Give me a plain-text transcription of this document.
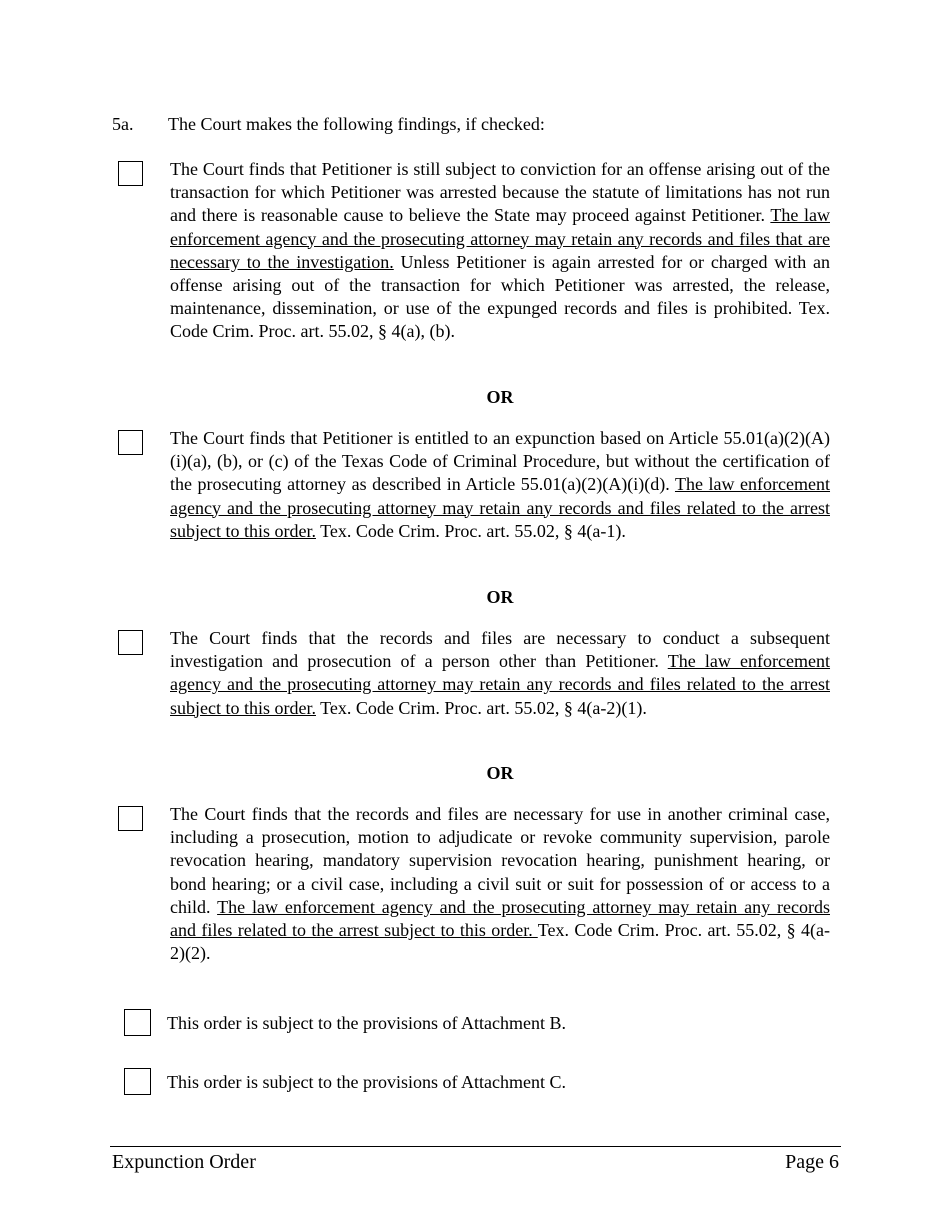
5a. The Court makes the following findings, if checked:
The Court finds that Petitioner is still subject to conviction for an offense arising out of the transaction for which Petitioner was arrested because the statute of limitations has not run and there is reasonable cause to believe the State may proceed against Petitioner. The law enforcement agency and the prosecuting attorney may retain any records and files that are necessary to the investigation. Unless Petitioner is again arrested for or charged with an offense arising out of the transaction for which Petitioner was arrested, the release, maintenance, dissemination, or use of the expunged records and files is prohibited. Tex. Code Crim. Proc. art. 55.02, § 4(a), (b).
OR
The Court finds that Petitioner is entitled to an expunction based on Article 55.01(a)(2)(A)(i)(a), (b), or (c) of the Texas Code of Criminal Procedure, but without the certification of the prosecuting attorney as described in Article 55.01(a)(2)(A)(i)(d). The law enforcement agency and the prosecuting attorney may retain any records and files related to the arrest subject to this order. Tex. Code Crim. Proc. art. 55.02, § 4(a-1).
OR
The Court finds that the records and files are necessary to conduct a subsequent investigation and prosecution of a person other than Petitioner. The law enforcement agency and the prosecuting attorney may retain any records and files related to the arrest subject to this order. Tex. Code Crim. Proc. art. 55.02, § 4(a-2)(1).
OR
The Court finds that the records and files are necessary for use in another criminal case, including a prosecution, motion to adjudicate or revoke community supervision, parole revocation hearing, mandatory supervision revocation hearing, punishment hearing, or bond hearing; or a civil case, including a civil suit or suit for possession of or access to a child. The law enforcement agency and the prosecuting attorney may retain any records and files related to the arrest subject to this order. Tex. Code Crim. Proc. art. 55.02, § 4(a-2)(2).
This order is subject to the provisions of Attachment B.
This order is subject to the provisions of Attachment C.
Expunction Order	Page 6
